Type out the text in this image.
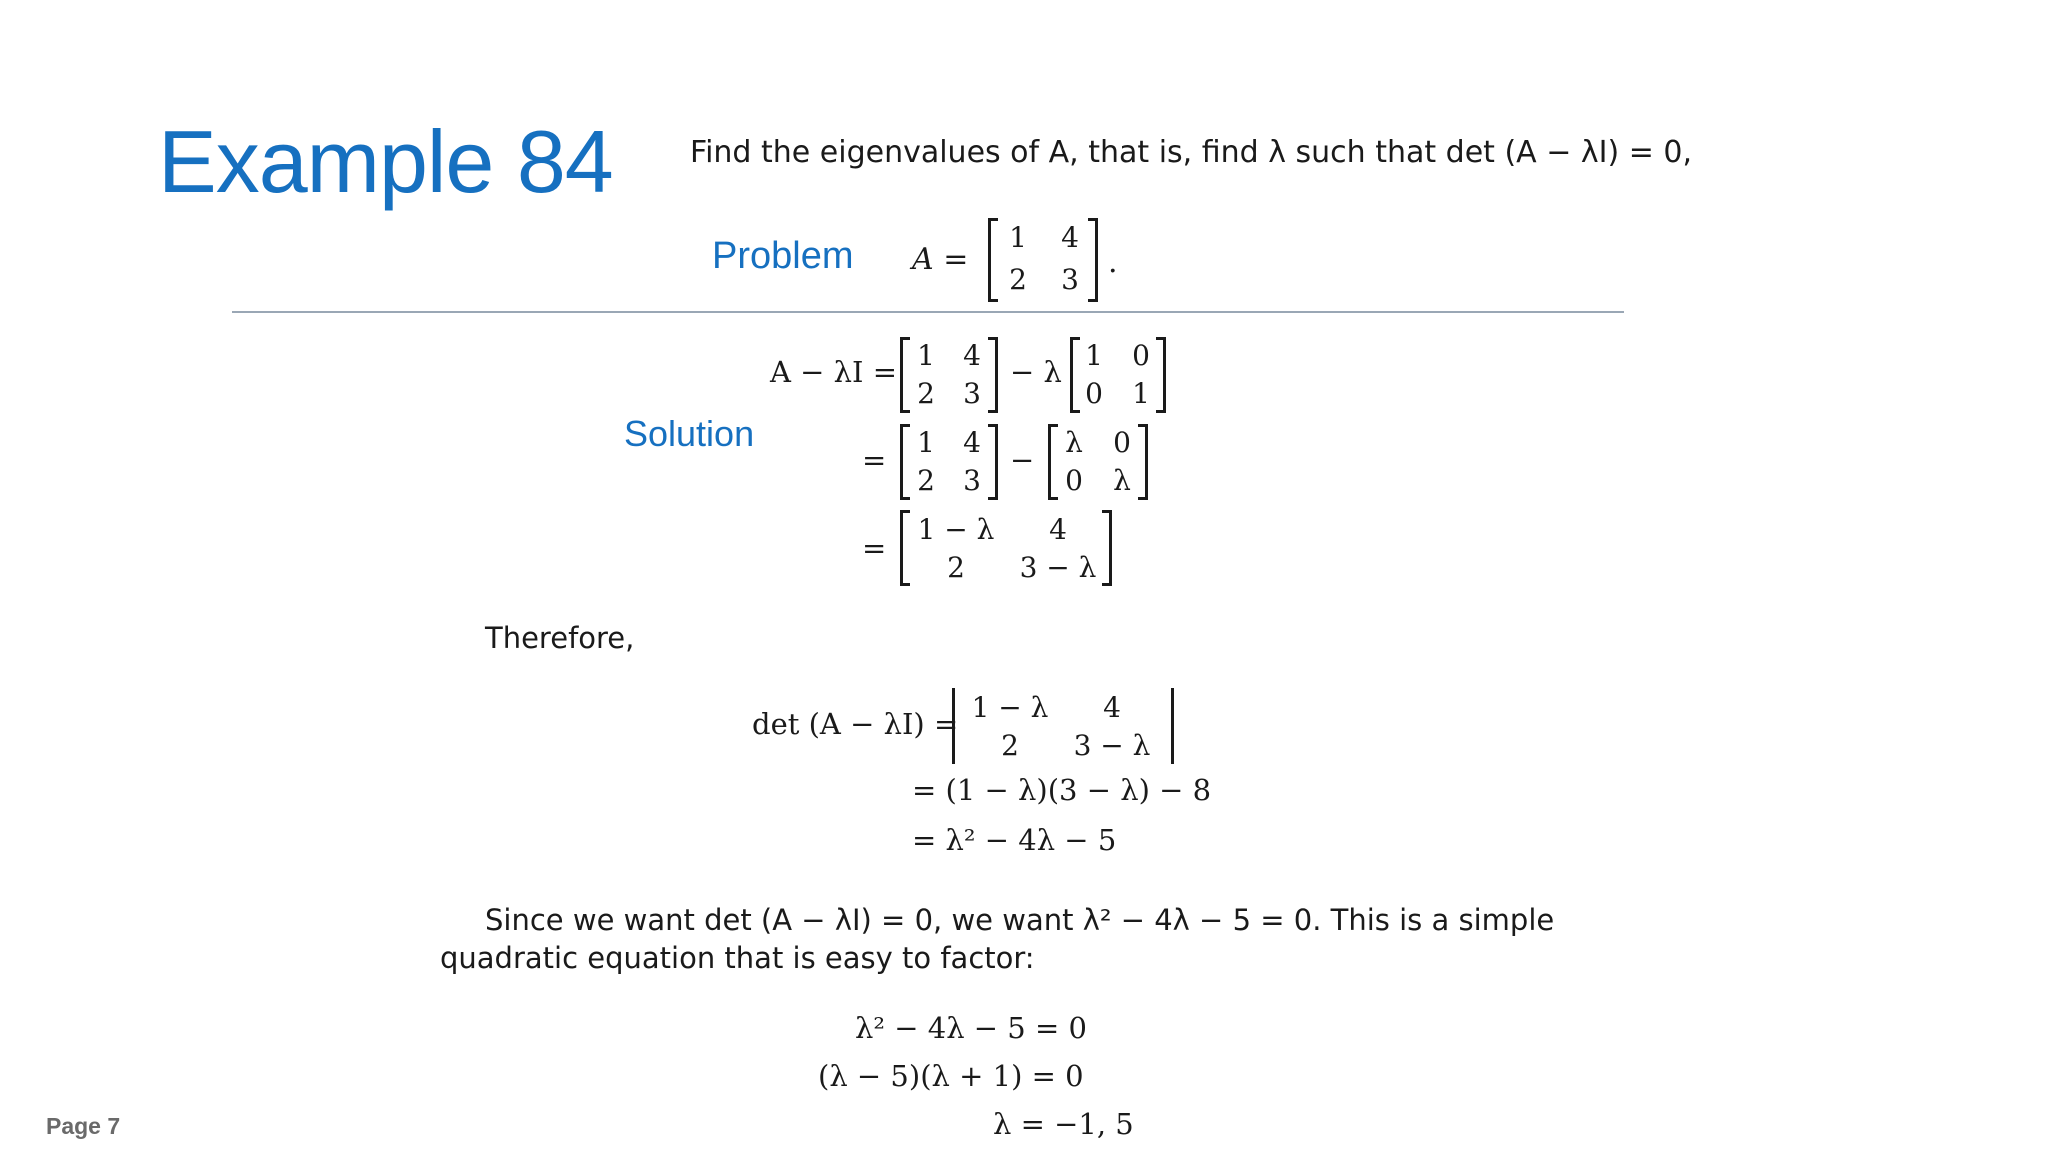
Example 84	Find the eigenvalues of A, that is, find λ such that det (A − λI) = 0,
Problem A =
1 4
2 3 .
Solution
A − λI = 1 4
2 3
− λ 1 0
0 1
=
1 4
2 3
−
λ 0
0 λ
=
1 − λ 4
2 3 − λ
Therefore,
det (A − λI) = 1 − λ 4
2 3 − λ
= (1 − λ)(3 − λ) − 8
= λ² − 4λ − 5
Since we want det (A − λI) = 0, we want λ² − 4λ − 5 = 0. This is a simple
quadratic equation that is easy to factor:
λ² − 4λ − 5 = 0
(λ − 5)(λ + 1) = 0
λ = −1, 5
Page 7
